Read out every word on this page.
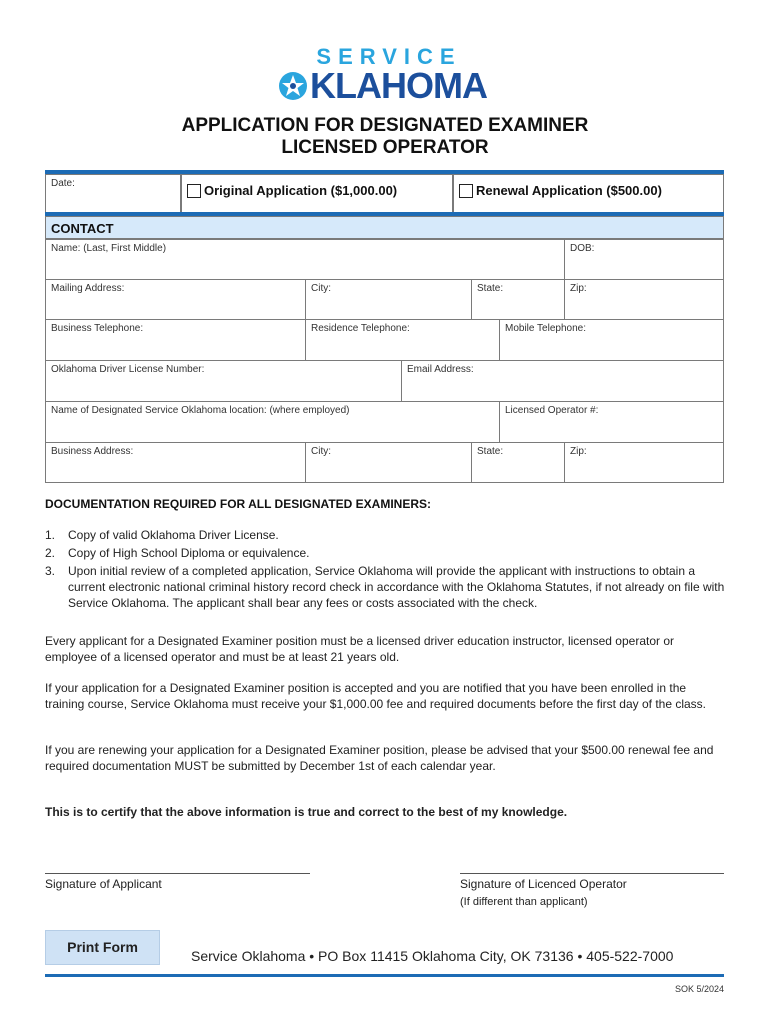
SERVICE
KLAHOMA
APPLICATION FOR DESIGNATED EXAMINER
LICENSED OPERATOR
Date:	Original Application ($1,000.00)	Renewal Application ($500.00)
CONTACT
Name: (Last, First Middle)	DOB:
Mailing Address:	City:	State:	Zip:
Business Telephone:	Residence Telephone:	Mobile Telephone:
Oklahoma Driver License Number:	Email Address:
Name of Designated Service Oklahoma location: (where employed)	Licensed Operator #:
Business Address:	City:	State:	Zip:
DOCUMENTATION REQUIRED FOR ALL DESIGNATED EXAMINERS:
1.	Copy of valid Oklahoma Driver License.
2.	Copy of High School Diploma or equivalence.
3.	Upon initial review of a completed application, Service Oklahoma will provide the applicant with instructions to obtain a current electronic national criminal history record check in accordance with the Oklahoma Statutes, if not already on file with Service Oklahoma. The applicant shall bear any fees or costs associated with the check.
Every applicant for a Designated Examiner position must be a licensed driver education instructor, licensed operator or employee of a licensed operator and must be at least 21 years old.
If your application for a Designated Examiner position is accepted and you are notified that you have been enrolled in the training course, Service Oklahoma must receive your $1,000.00 fee and required documents before the first day of the class.
If you are renewing your application for a Designated Examiner position, please be advised that your $500.00 renewal fee and required documentation MUST be submitted by December 1st of each calendar year.
This is to certify that the above information is true and correct to the best of my knowledge.
Signature of Applicant	Signature of Licenced Operator
(If different than applicant)
Print Form
Service Oklahoma • PO Box 11415 Oklahoma City, OK 73136 • 405-522-7000
SOK 5/2024
